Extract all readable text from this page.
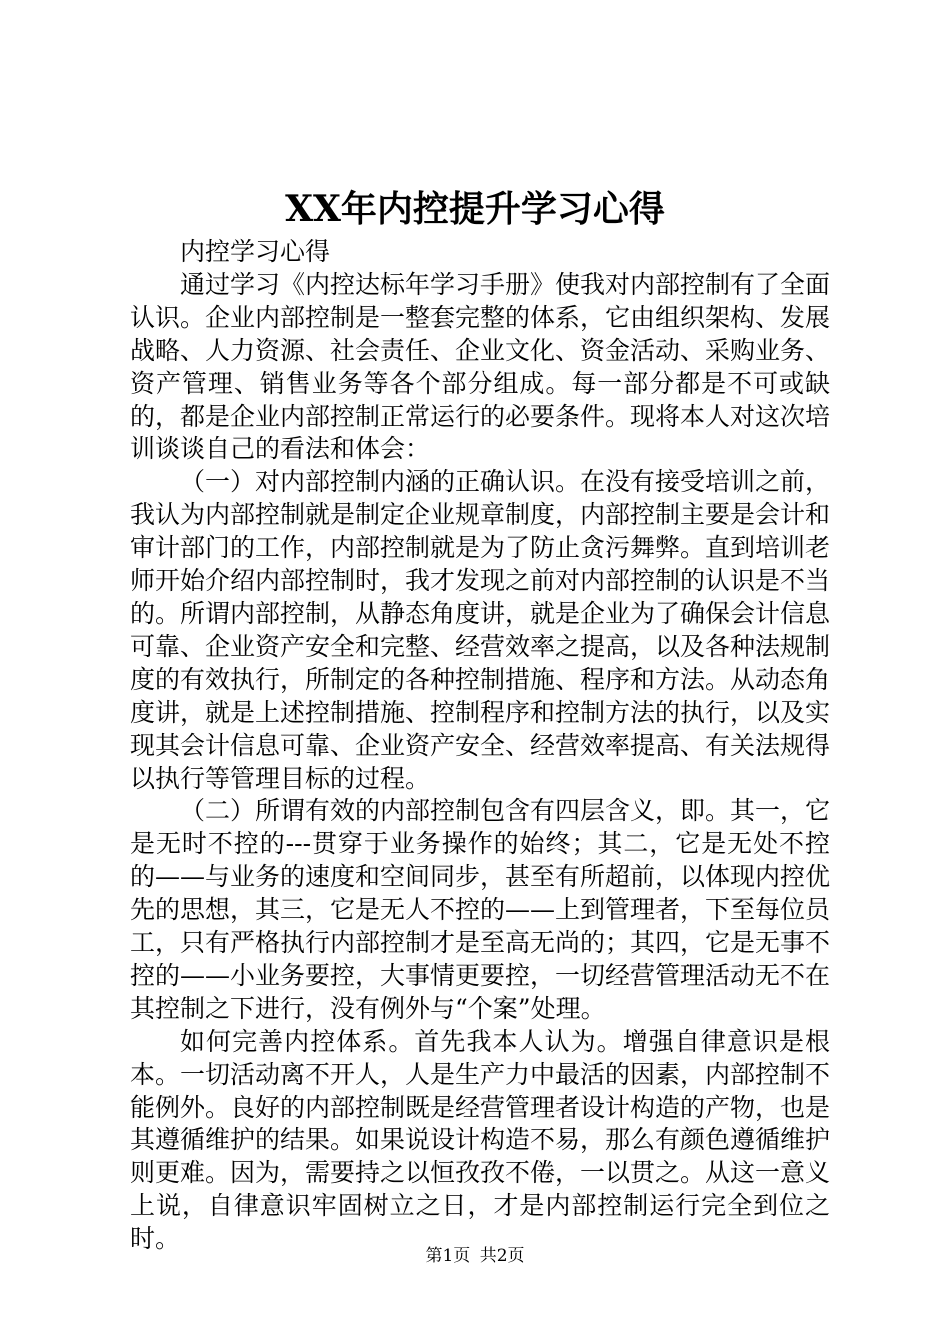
XX年内控提升学习心得

内控学习心得

通过学习《内控达标年学习手册》使我对内部控制有了全面认识。企业内部控制是一整套完整的体系，它由组织架构、发展战略、人力资源、社会责任、企业文化、资金活动、采购业务、资产管理、销售业务等各个部分组成。每一部分都是不可或缺的，都是企业内部控制正常运行的必要条件。现将本人对这次培训谈谈自己的看法和体会：

（一）对内部控制内涵的正确认识。在没有接受培训之前，我认为内部控制就是制定企业规章制度，内部控制主要是会计和审计部门的工作，内部控制就是为了防止贪污舞弊。直到培训老师开始介绍内部控制时，我才发现之前对内部控制的认识是不当的。所谓内部控制，从静态角度讲，就是企业为了确保会计信息可靠、企业资产安全和完整、经营效率之提高，以及各种法规制度的有效执行，所制定的各种控制措施、程序和方法。从动态角度讲，就是上述控制措施、控制程序和控制方法的执行，以及实现其会计信息可靠、企业资产安全、经营效率提高、有关法规得以执行等管理目标的过程。

（二）所谓有效的内部控制包含有四层含义，即。其一，它是无时不控的---贯穿于业务操作的始终；其二，它是无处不控的——与业务的速度和空间同步，甚至有所超前，以体现内控优先的思想，其三，它是无人不控的——上到管理者，下至每位员工，只有严格执行内部控制才是至高无尚的；其四，它是无事不控的——小业务要控，大事情更要控，一切经营管理活动无不在其控制之下进行，没有例外与“个案”处理。

如何完善内控体系。首先我本人认为。增强自律意识是根本。一切活动离不开人，人是生产力中最活的因素，内部控制不能例外。良好的内部控制既是经营管理者设计构造的产物，也是其遵循维护的结果。如果说设计构造不易，那么有颜色遵循维护则更难。因为，需要持之以恒孜孜不倦，一以贯之。从这一意义上说，自律意识牢固树立之日，才是内部控制运行完全到位之时。

第1页 共2页
